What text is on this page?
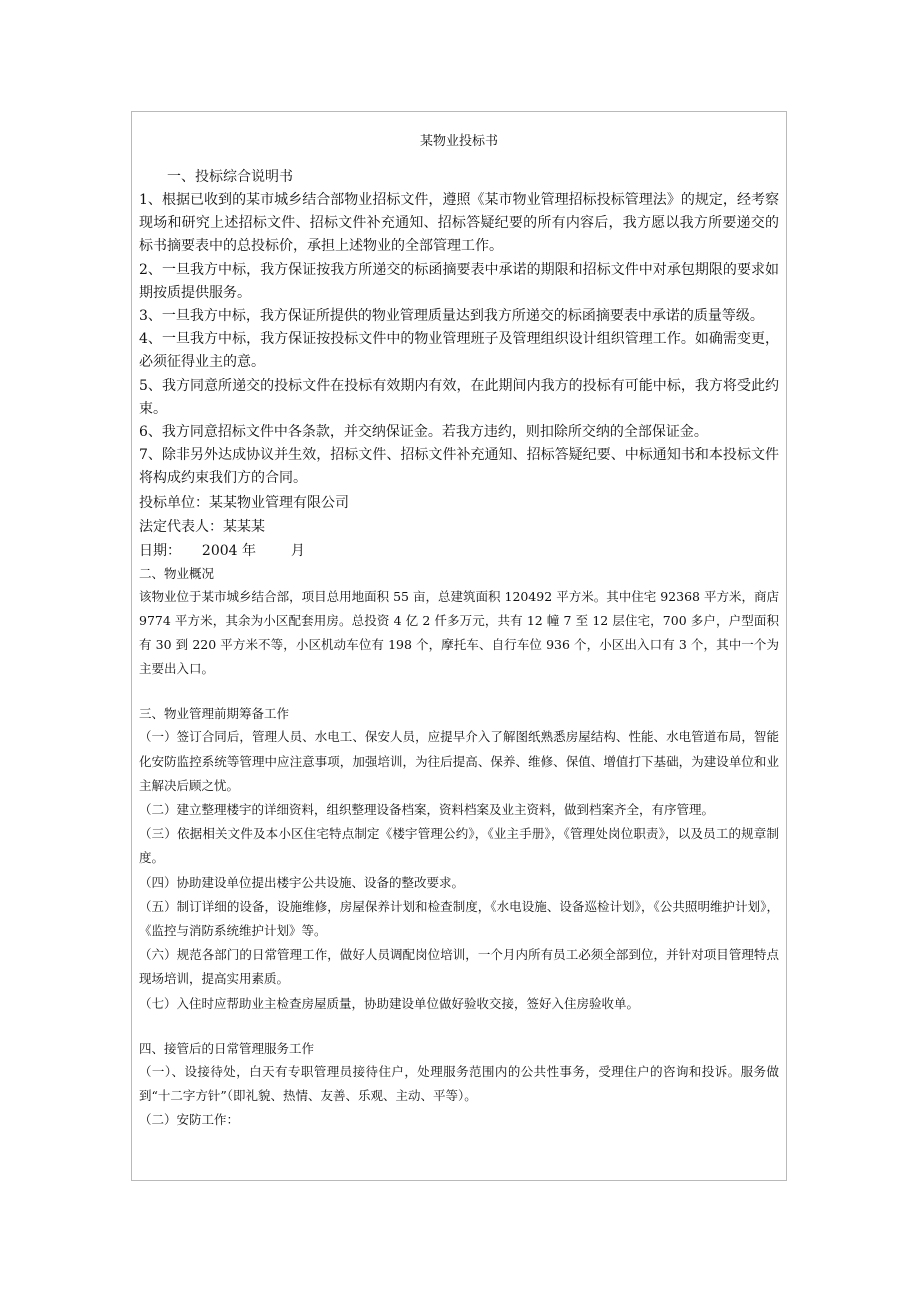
某物业投标书
一、投标综合说明书

1、根据已收到的某市城乡结合部物业招标文件，遵照《某市物业管理招标投标管理法》的规定，经考察现场和研究上述招标文件、招标文件补充通知、招标答疑纪要的所有内容后，我方愿以我方所要递交的标书摘要表中的总投标价，承担上述物业的全部管理工作。

2、一旦我方中标，我方保证按我方所递交的标函摘要表中承诺的期限和招标文件中对承包期限的要求如期按质提供服务。

3、一旦我方中标，我方保证所提供的物业管理质量达到我方所递交的标函摘要表中承诺的质量等级。

4、一旦我方中标，我方保证按投标文件中的物业管理班子及管理组织设计组织管理工作。如确需变更，必须征得业主的意。

5、我方同意所递交的投标文件在投标有效期内有效，在此期间内我方的投标有可能中标，我方将受此约束。

6、我方同意招标文件中各条款，并交纳保证金。若我方违约，则扣除所交纳的全部保证金。

7、除非另外达成协议并生效，招标文件、招标文件补充通知、招标答疑纪要、中标通知书和本投标文件将构成约束我们方的合同。

投标单位：某某物业管理有限公司
法定代表人：某某某
日期： 2004 年 月
二、物业概况

该物业位于某市城乡结合部，项目总用地面积 55 亩，总建筑面积 120492 平方米。其中住宅 92368 平方米，商店 9774 平方米，其余为小区配套用房。总投资 4 亿 2 仟多万元，共有 12 幢 7 至 12 层住宅，700 多户，户型面积有 30 到 220 平方米不等，小区机动车位有 198 个，摩托车、自行车位 936 个，小区出入口有 3 个，其中一个为主要出入口。

三、物业管理前期筹备工作

（一）签订合同后，管理人员、水电工、保安人员，应提早介入了解图纸熟悉房屋结构、性能、水电管道布局，智能化安防监控系统等管理中应注意事项，加强培训，为往后提高、保养、维修、保值、增值打下基础，为建设单位和业主解决后顾之忧。

（二）建立整理楼宇的详细资料，组织整理设备档案，资料档案及业主资料，做到档案齐全，有序管理。

（三）依据相关文件及本小区住宅特点制定《楼宇管理公约》，《业主手册》，《管理处岗位职责》，以及员工的规章制度。

（四）协助建设单位提出楼宇公共设施、设备的整改要求。

（五）制订详细的设备，设施维修，房屋保养计划和检查制度，《水电设施、设备巡检计划》，《公共照明维护计划》，《监控与消防系统维护计划》等。

（六）规范各部门的日常管理工作，做好人员调配岗位培训，一个月内所有员工必须全部到位，并针对项目管理特点现场培训，提高实用素质。

（七）入住时应帮助业主检查房屋质量，协助建设单位做好验收交接，签好入住房验收单。

四、接管后的日常管理服务工作

（一）、设接待处，白天有专职管理员接待住户，处理服务范围内的公共性事务，受理住户的咨询和投诉。服务做到“十二字方针”（即礼貌、热情、友善、乐观、主动、平等）。

（二）安防工作：
